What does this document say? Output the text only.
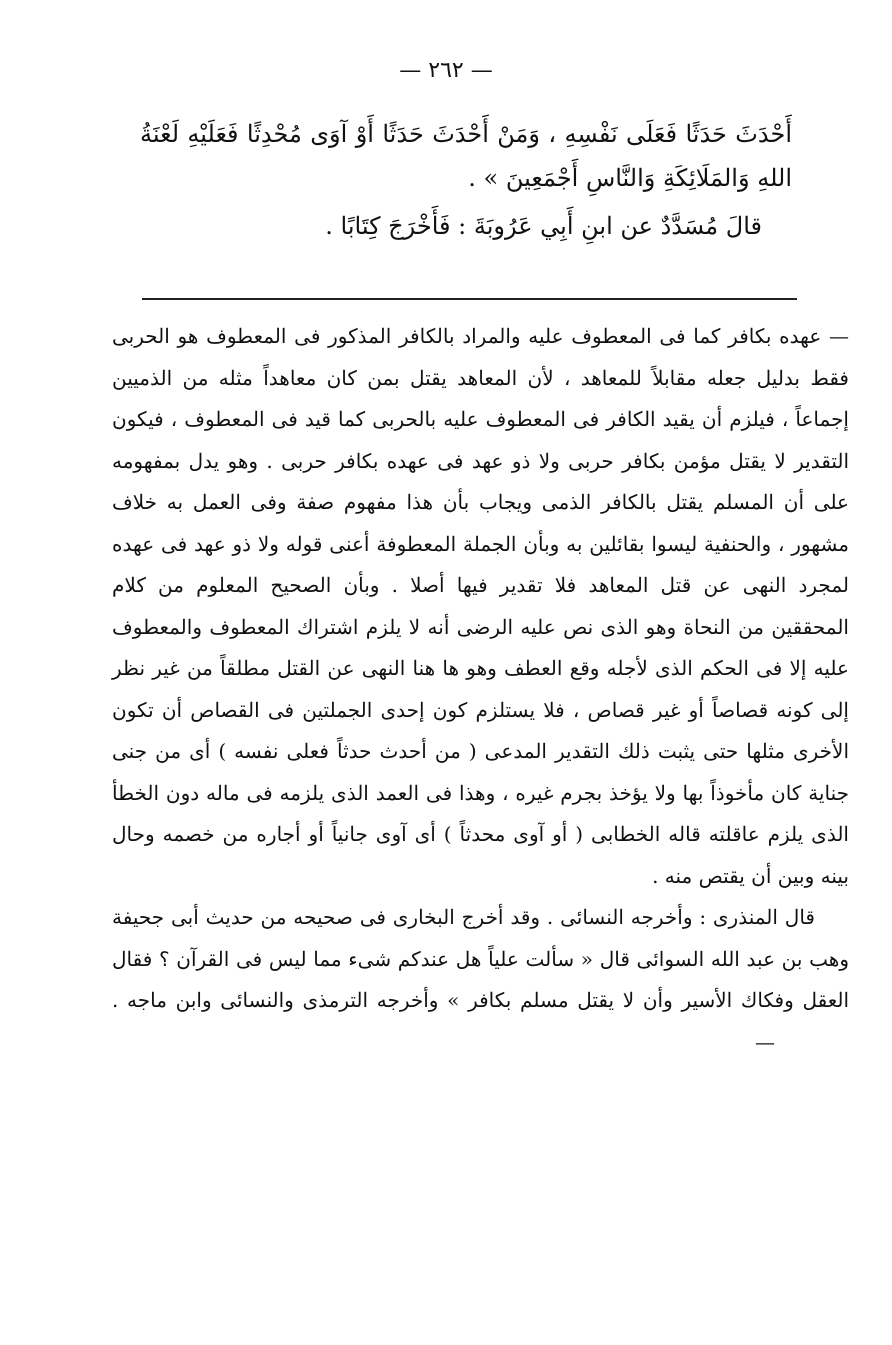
— ٢٦٢ —

أَحْدَثَ حَدَثًا فَعَلَى نَفْسِهِ ، وَمَنْ أَحْدَثَ حَدَثًا أَوْ آوَى مُحْدِثًا فَعَلَيْهِ لَعْنَةُ اللهِ وَالمَلَائِكَةِ وَالنَّاسِ أَجْمَعِينَ » .

قالَ مُسَدَّدٌ عن ابنِ أَبِي عَرُوبَةَ : فَأَخْرَجَ كِتَابًا .

— عهده بكافر كما فى المعطوف عليه والمراد بالكافر المذكور فى المعطوف هو الحربى فقط بدليل جعله مقابلاً للمعاهد ، لأن المعاهد يقتل بمن كان معاهداً مثله من الذميين إجماعاً ، فيلزم أن يقيد الكافر فى المعطوف عليه بالحربى كما قيد فى المعطوف ، فيكون التقدير لا يقتل مؤمن بكافر حربى ولا ذو عهد فى عهده بكافر حربى . وهو يدل بمفهومه على أن المسلم يقتل بالكافر الذمى ويجاب بأن هذا مفهوم صفة وفى العمل به خلاف مشهور ، والحنفية ليسوا بقائلين به وبأن الجملة المعطوفة أعنى قوله ولا ذو عهد فى عهده لمجرد النهى عن قتل المعاهد فلا تقدير فيها أصلا . وبأن الصحيح المعلوم من كلام المحققين من النحاة وهو الذى نص عليه الرضى أنه لا يلزم اشتراك المعطوف والمعطوف عليه إلا فى الحكم الذى لأجله وقع العطف وهو ها هنا النهى عن القتل مطلقاً من غير نظر إلى كونه قصاصاً أو غير قصاص ، فلا يستلزم كون إحدى الجملتين فى القصاص أن تكون الأخرى مثلها حتى يثبت ذلك التقدير المدعى ( من أحدث حدثاً فعلى نفسه ) أى من جنى جناية كان مأخوذاً بها ولا يؤخذ بجرم غيره ، وهذا فى العمد الذى يلزمه فى ماله دون الخطأ الذى يلزم عاقلته قاله الخطابى ( أو آوى محدثاً ) أى آوى جانياً أو أجاره من خصمه وحال بينه وبين أن يقتص منه .

قال المنذرى : وأخرجه النسائى . وقد أخرج البخارى فى صحيحه من حديث أبى جحيفة وهب بن عبد الله السوائى قال « سألت علياً هل عندكم شىء مما ليس فى القرآن ؟ فقال العقل وفكاك الأسير وأن لا يقتل مسلم بكافر » وأخرجه الترمذى والنسائى وابن ماجه .—
